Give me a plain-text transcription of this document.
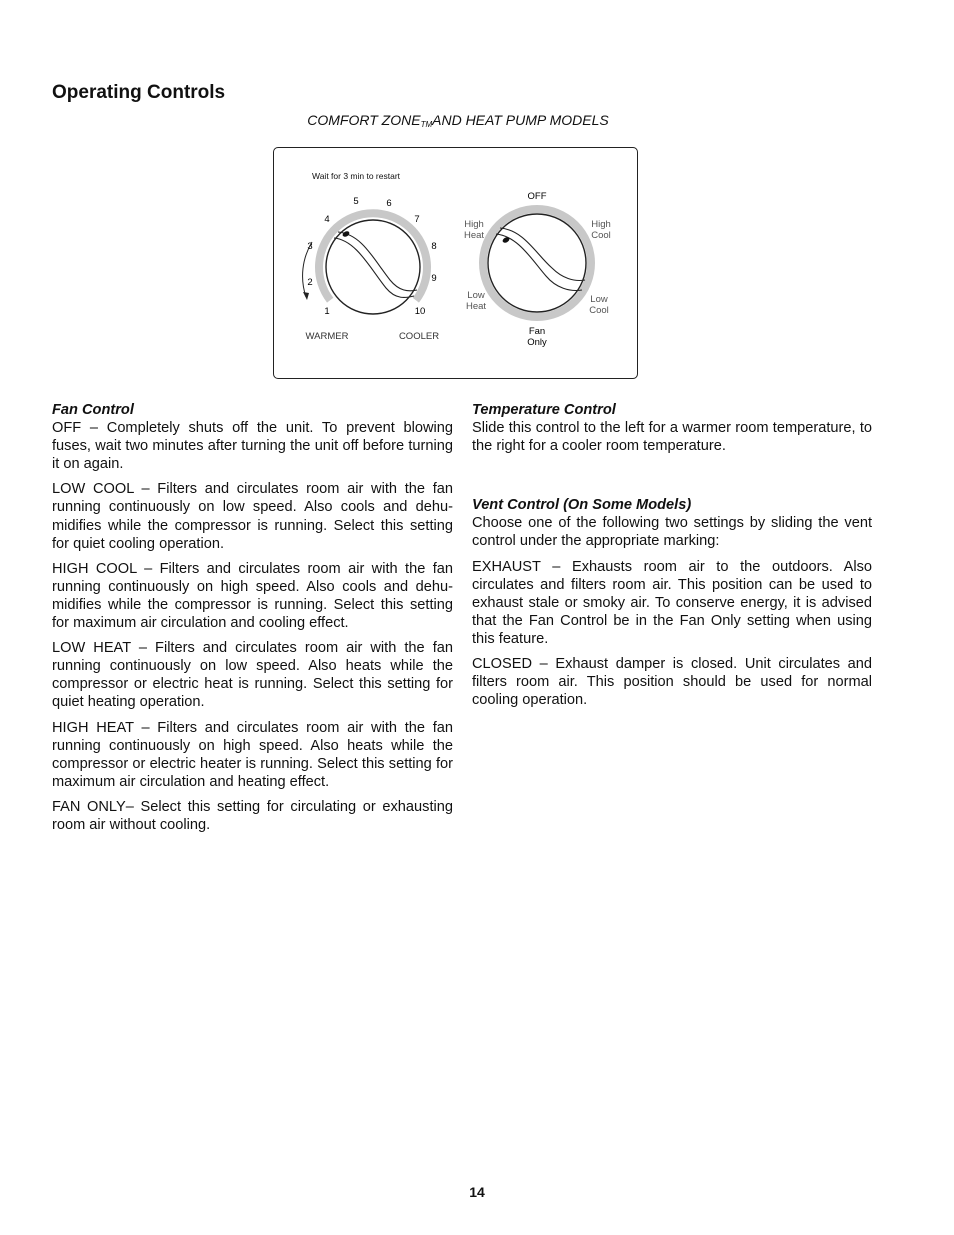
Operating Controls
COMFORT $ZONE_{TM}AND$ HEAT PUMP MODELS
Wait for 3 min to restart
1
2
3
4
5	6
7
8
9
10
WARMER	COOLER
OFF
High
Heat
High
Cool
Low
Heat
Low
Cool
Fan
Only
Fan Control

OFF – Completely shuts off the unit. To prevent blowing fuses, wait two minutes after turning the unit off before turning it on again.

LOW COOL – Filters and circulates room air with the fan running continuously on low speed. Also cools and dehu-midifies while the compressor is running. Select this setting for quiet cooling operation.

HIGH COOL – Filters and circulates room air with the fan running continuously on high speed. Also cools and dehu-midifies while the compressor is running. Select this setting for maximum air circulation and cooling effect.

LOW HEAT – Filters and circulates room air with the fan running continuously on low speed. Also heats while the compressor or electric heat is running. Select this setting for quiet heating operation.

HIGH HEAT – Filters and circulates room air with the fan running continuously on high speed. Also heats while the compressor or electric heater is running. Select this setting for maximum air circulation and heating effect.

FAN ONLY– Select this setting for circulating or exhausting room air without cooling.

Temperature Control

Slide this control to the left for a warmer room temperature, to the right for a cooler room temperature.

Vent Control (On Some Models)

Choose one of the following two settings by sliding the vent control under the appropriate marking:

EXHAUST – Exhausts room air to the outdoors. Also circulates and filters room air. This position can be used to exhaust stale or smoky air. To conserve energy, it is advised that the Fan Control be in the Fan Only setting when using this feature.

CLOSED – Exhaust damper is closed. Unit circulates and filters room air. This position should be used for normal cooling operation.

14
